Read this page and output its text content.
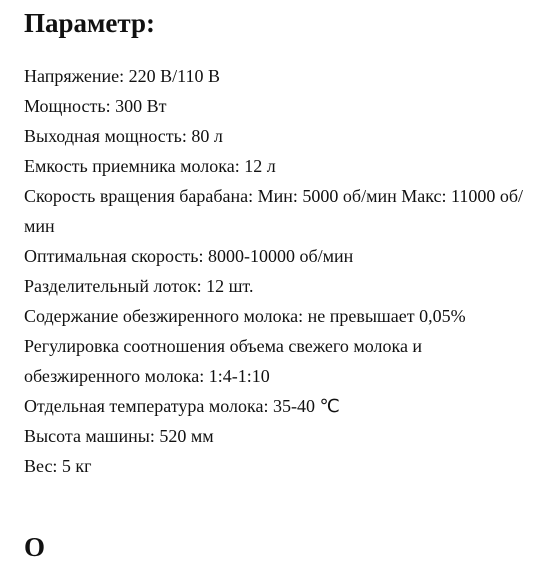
Параметр:
Напряжение: 220 В/110 В
Мощность: 300 Вт
Выходная мощность: 80 л
Емкость приемника молока: 12 л
Скорость вращения барабана: Мин: 5000 об/мин Макс: 11000 об/мин
Оптимальная скорость: 8000-10000 об/мин
Разделительный лоток: 12 шт.
Содержание обезжиренного молока: не превышает 0,05%
Регулировка соотношения объема свежего молока и обезжиренного молока: 1:4-1:10
Отдельная температура молока: 35-40 ℃
Высота машины: 520 мм
Вес: 5 кг
О
